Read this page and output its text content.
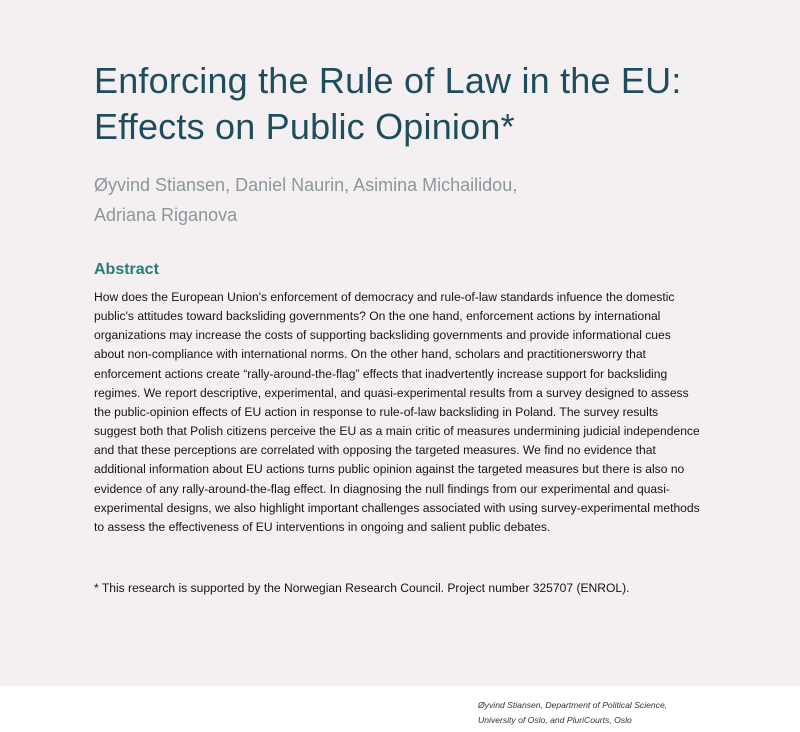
Enforcing the Rule of Law in the EU:
Effects on Public Opinion*
Øyvind Stiansen, Daniel Naurin, Asimina Michailidou,
Adriana Riganova
Abstract

How does the European Union's enforcement of democracy and rule-of-law standards infuence the domestic public's attitudes toward backsliding governments? On the one hand, enforcement actions by international organizations may increase the costs of supporting backsliding governments and provide informational cues about non-compliance with international norms. On the other hand, scholars and practitionersworry that enforcement actions create “rally-around-the-flag” effects that inadvertently increase support for backsliding regimes. We report descriptive, experimental, and quasi-experimental results from a survey designed to assess the public-opinion effects of EU action in response to rule-of-law backsliding in Poland. The survey results suggest both that Polish citizens perceive the EU as a main critic of measures undermining judicial independence and that these perceptions are correlated with opposing the targeted measures. We find no evidence that additional information about EU actions turns public opinion against the targeted measures but there is also no evidence of any rally-around-the-flag effect. In diagnosing the null findings from our experimental and quasi-experimental designs, we also highlight important challenges associated with using survey-experimental methods to assess the effectiveness of EU interventions in ongoing and salient public debates.

* This research is supported by the Norwegian Research Council. Project number 325707 (ENROL).

Øyvind Stiansen, Department of Political Science,
University of Oslo, and PluriCourts, Oslo
